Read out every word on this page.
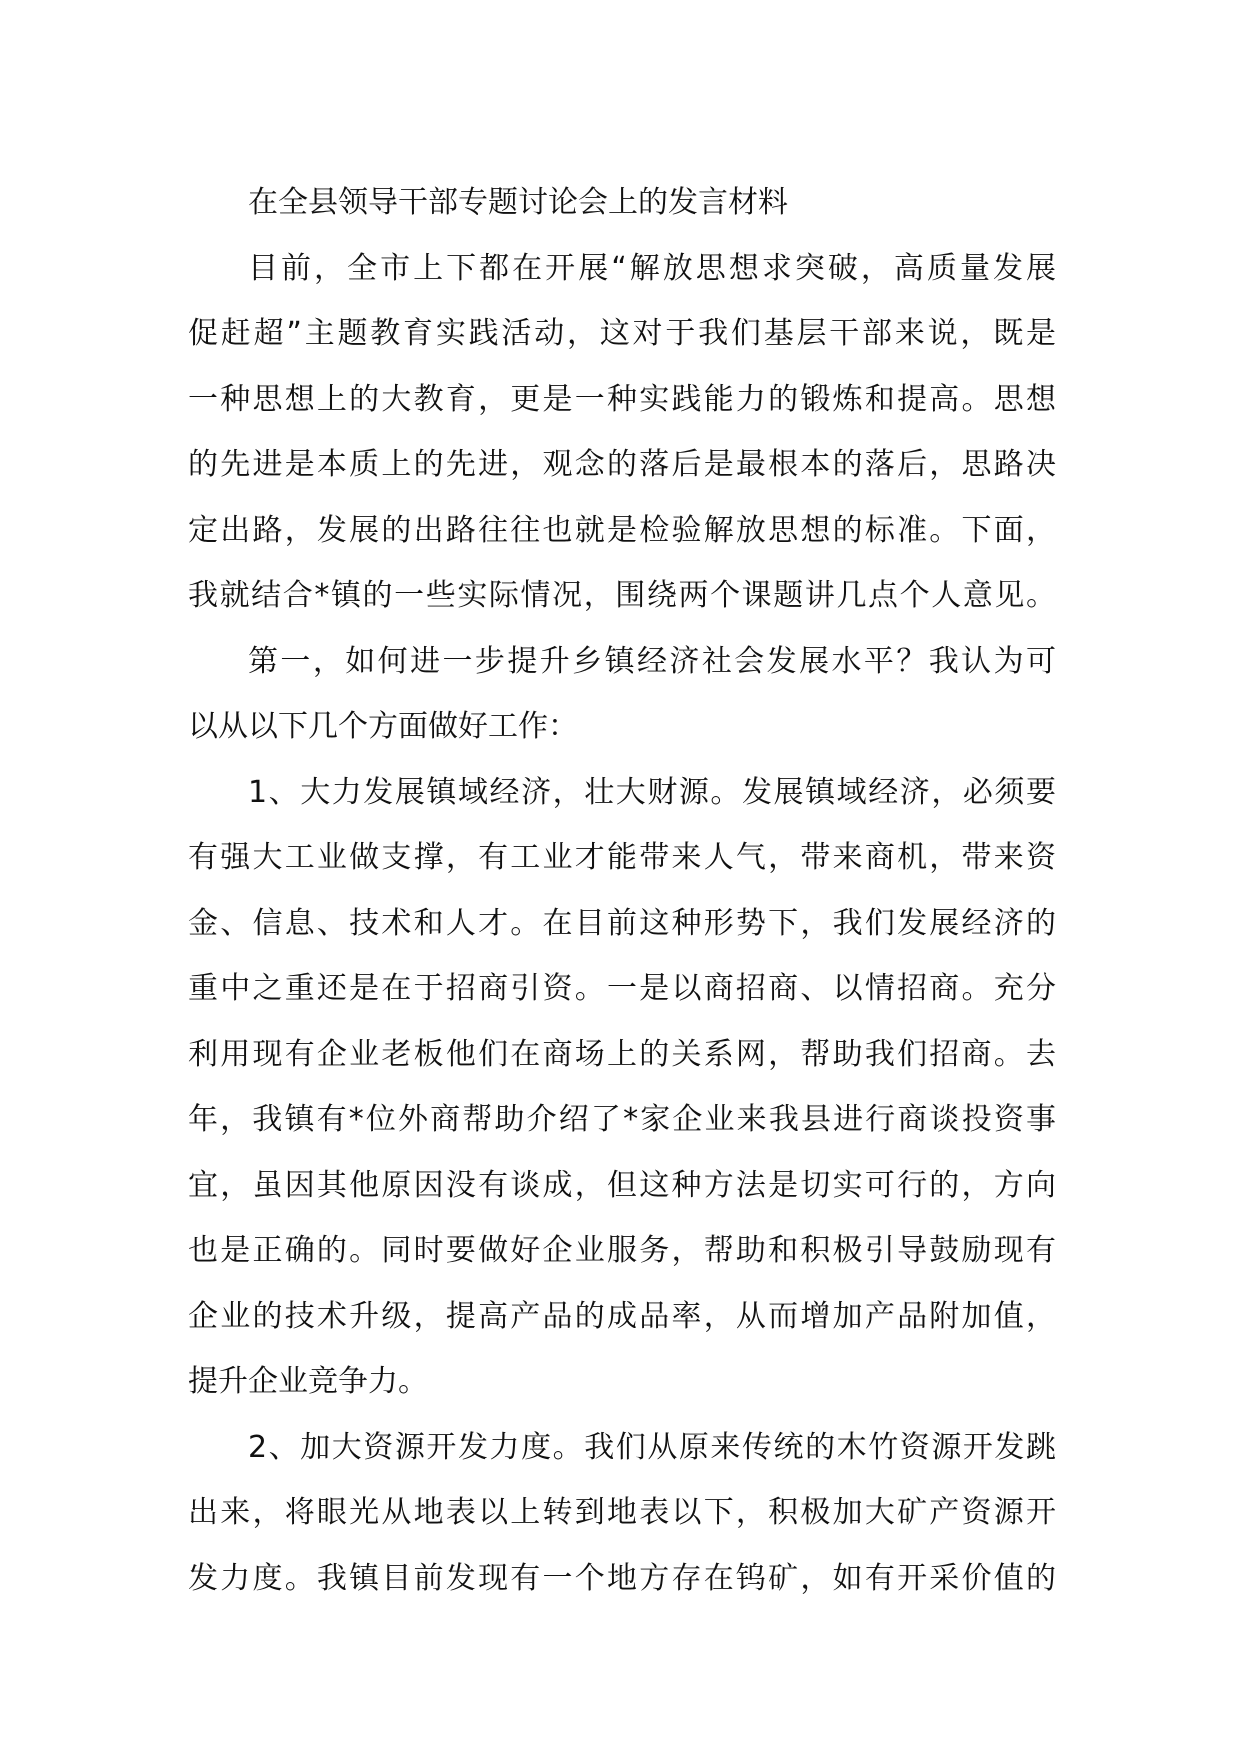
在全县领导干部专题讨论会上的发言材料
目前，全市上下都在开展“解放思想求突破，高质量发展
促赶超”主题教育实践活动，这对于我们基层干部来说，既是
一种思想上的大教育，更是一种实践能力的锻炼和提高。思想
的先进是本质上的先进，观念的落后是最根本的落后，思路决
定出路，发展的出路往往也就是检验解放思想的标准。下面，
我就结合*镇的一些实际情况，围绕两个课题讲几点个人意见。
第一，如何进一步提升乡镇经济社会发展水平？我认为可
以从以下几个方面做好工作：
1、大力发展镇域经济，壮大财源。发展镇域经济，必须要
有强大工业做支撑，有工业才能带来人气，带来商机，带来资
金、信息、技术和人才。在目前这种形势下，我们发展经济的
重中之重还是在于招商引资。一是以商招商、以情招商。充分
利用现有企业老板他们在商场上的关系网，帮助我们招商。去
年，我镇有*位外商帮助介绍了*家企业来我县进行商谈投资事
宜，虽因其他原因没有谈成，但这种方法是切实可行的，方向
也是正确的。同时要做好企业服务，帮助和积极引导鼓励现有
企业的技术升级，提高产品的成品率，从而增加产品附加值，
提升企业竞争力。
2、加大资源开发力度。我们从原来传统的木竹资源开发跳
出来，将眼光从地表以上转到地表以下，积极加大矿产资源开
发力度。我镇目前发现有一个地方存在钨矿，如有开采价值的
